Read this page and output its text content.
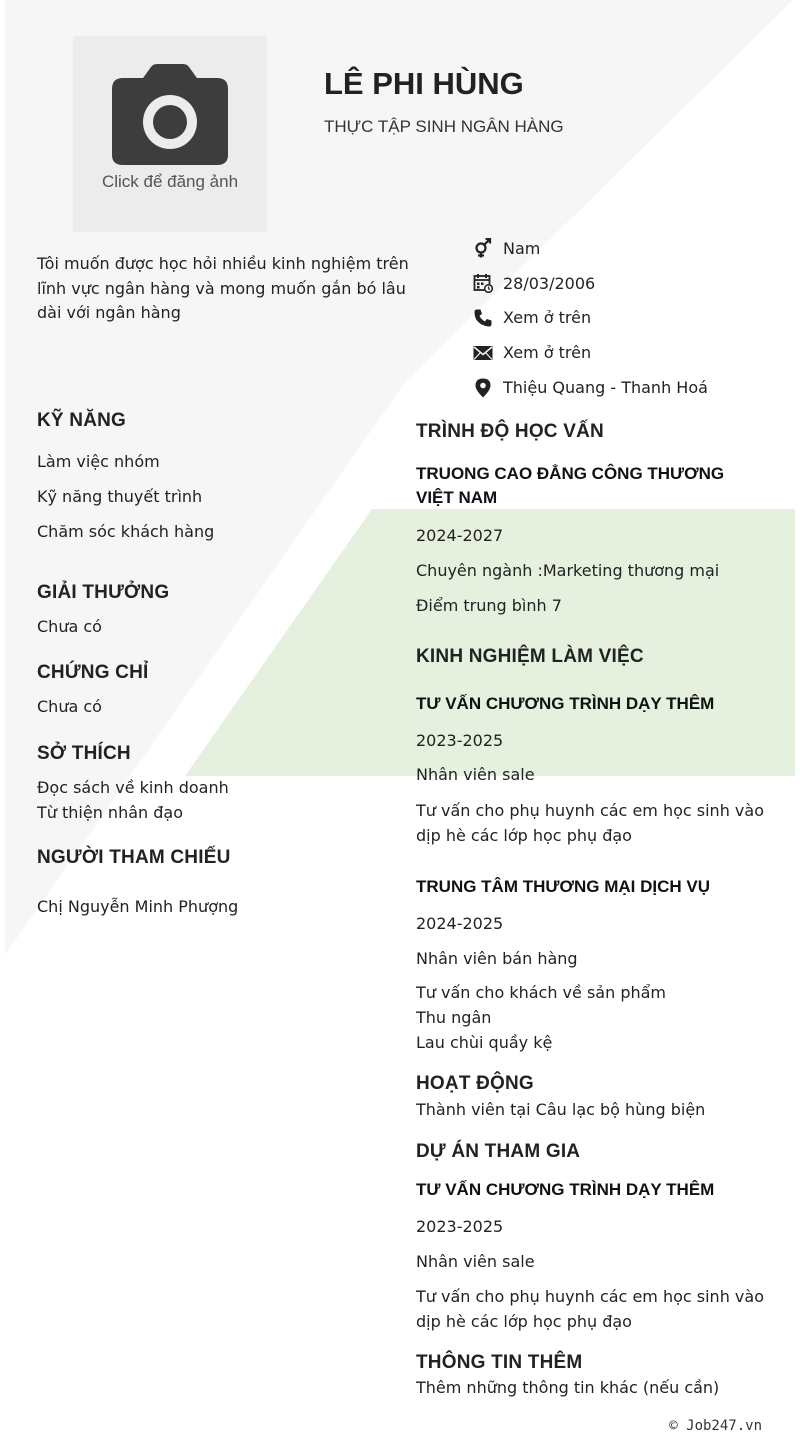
Click để đăng ảnh
LÊ PHI HÙNG
THỰC TẬP SINH NGÂN HÀNG
Tôi muốn được học hỏi nhiều kinh nghiệm trên lĩnh vực ngân hàng và mong muốn gắn bó lâu dài với ngân hàng
Nam
28/03/2006
Xem ở trên
Xem ở trên
Thiệu Quang - Thanh Hoá
KỸ NĂNG
Làm việc nhóm
Kỹ năng thuyết trình
Chăm sóc khách hàng
GIẢI THƯỞNG
Chưa có
CHỨNG CHỈ
Chưa có
SỞ THÍCH
Đọc sách về kinh doanh
Từ thiện nhân đạo
NGƯỜI THAM CHIẾU
Chị Nguyễn Minh Phượng
TRÌNH ĐỘ HỌC VẤN
TRUONG CAO ĐẲNG CÔNG THƯƠNG VIỆT NAM
2024-2027
Chuyên ngành :Marketing thương mại
Điểm trung bình 7
KINH NGHIỆM LÀM VIỆC
TƯ VẤN CHƯƠNG TRÌNH DẠY THÊM
2023-2025
Nhân viên sale
Tư vấn cho phụ huynh các em học sinh vào dịp hè các lớp học phụ đạo
TRUNG TÂM THƯƠNG MẠI DỊCH VỤ
2024-2025
Nhân viên bán hàng
Tư vấn cho khách về sản phẩm
Thu ngân
Lau chùi quầy kệ
HOẠT ĐỘNG
Thành viên tại Câu lạc bộ hùng biện
DỰ ÁN THAM GIA
TƯ VẤN CHƯƠNG TRÌNH DẠY THÊM
2023-2025
Nhân viên sale
Tư vấn cho phụ huynh các em học sinh vào dịp hè các lớp học phụ đạo
THÔNG TIN THÊM
Thêm những thông tin khác (nếu cần)
© Job247.vn
